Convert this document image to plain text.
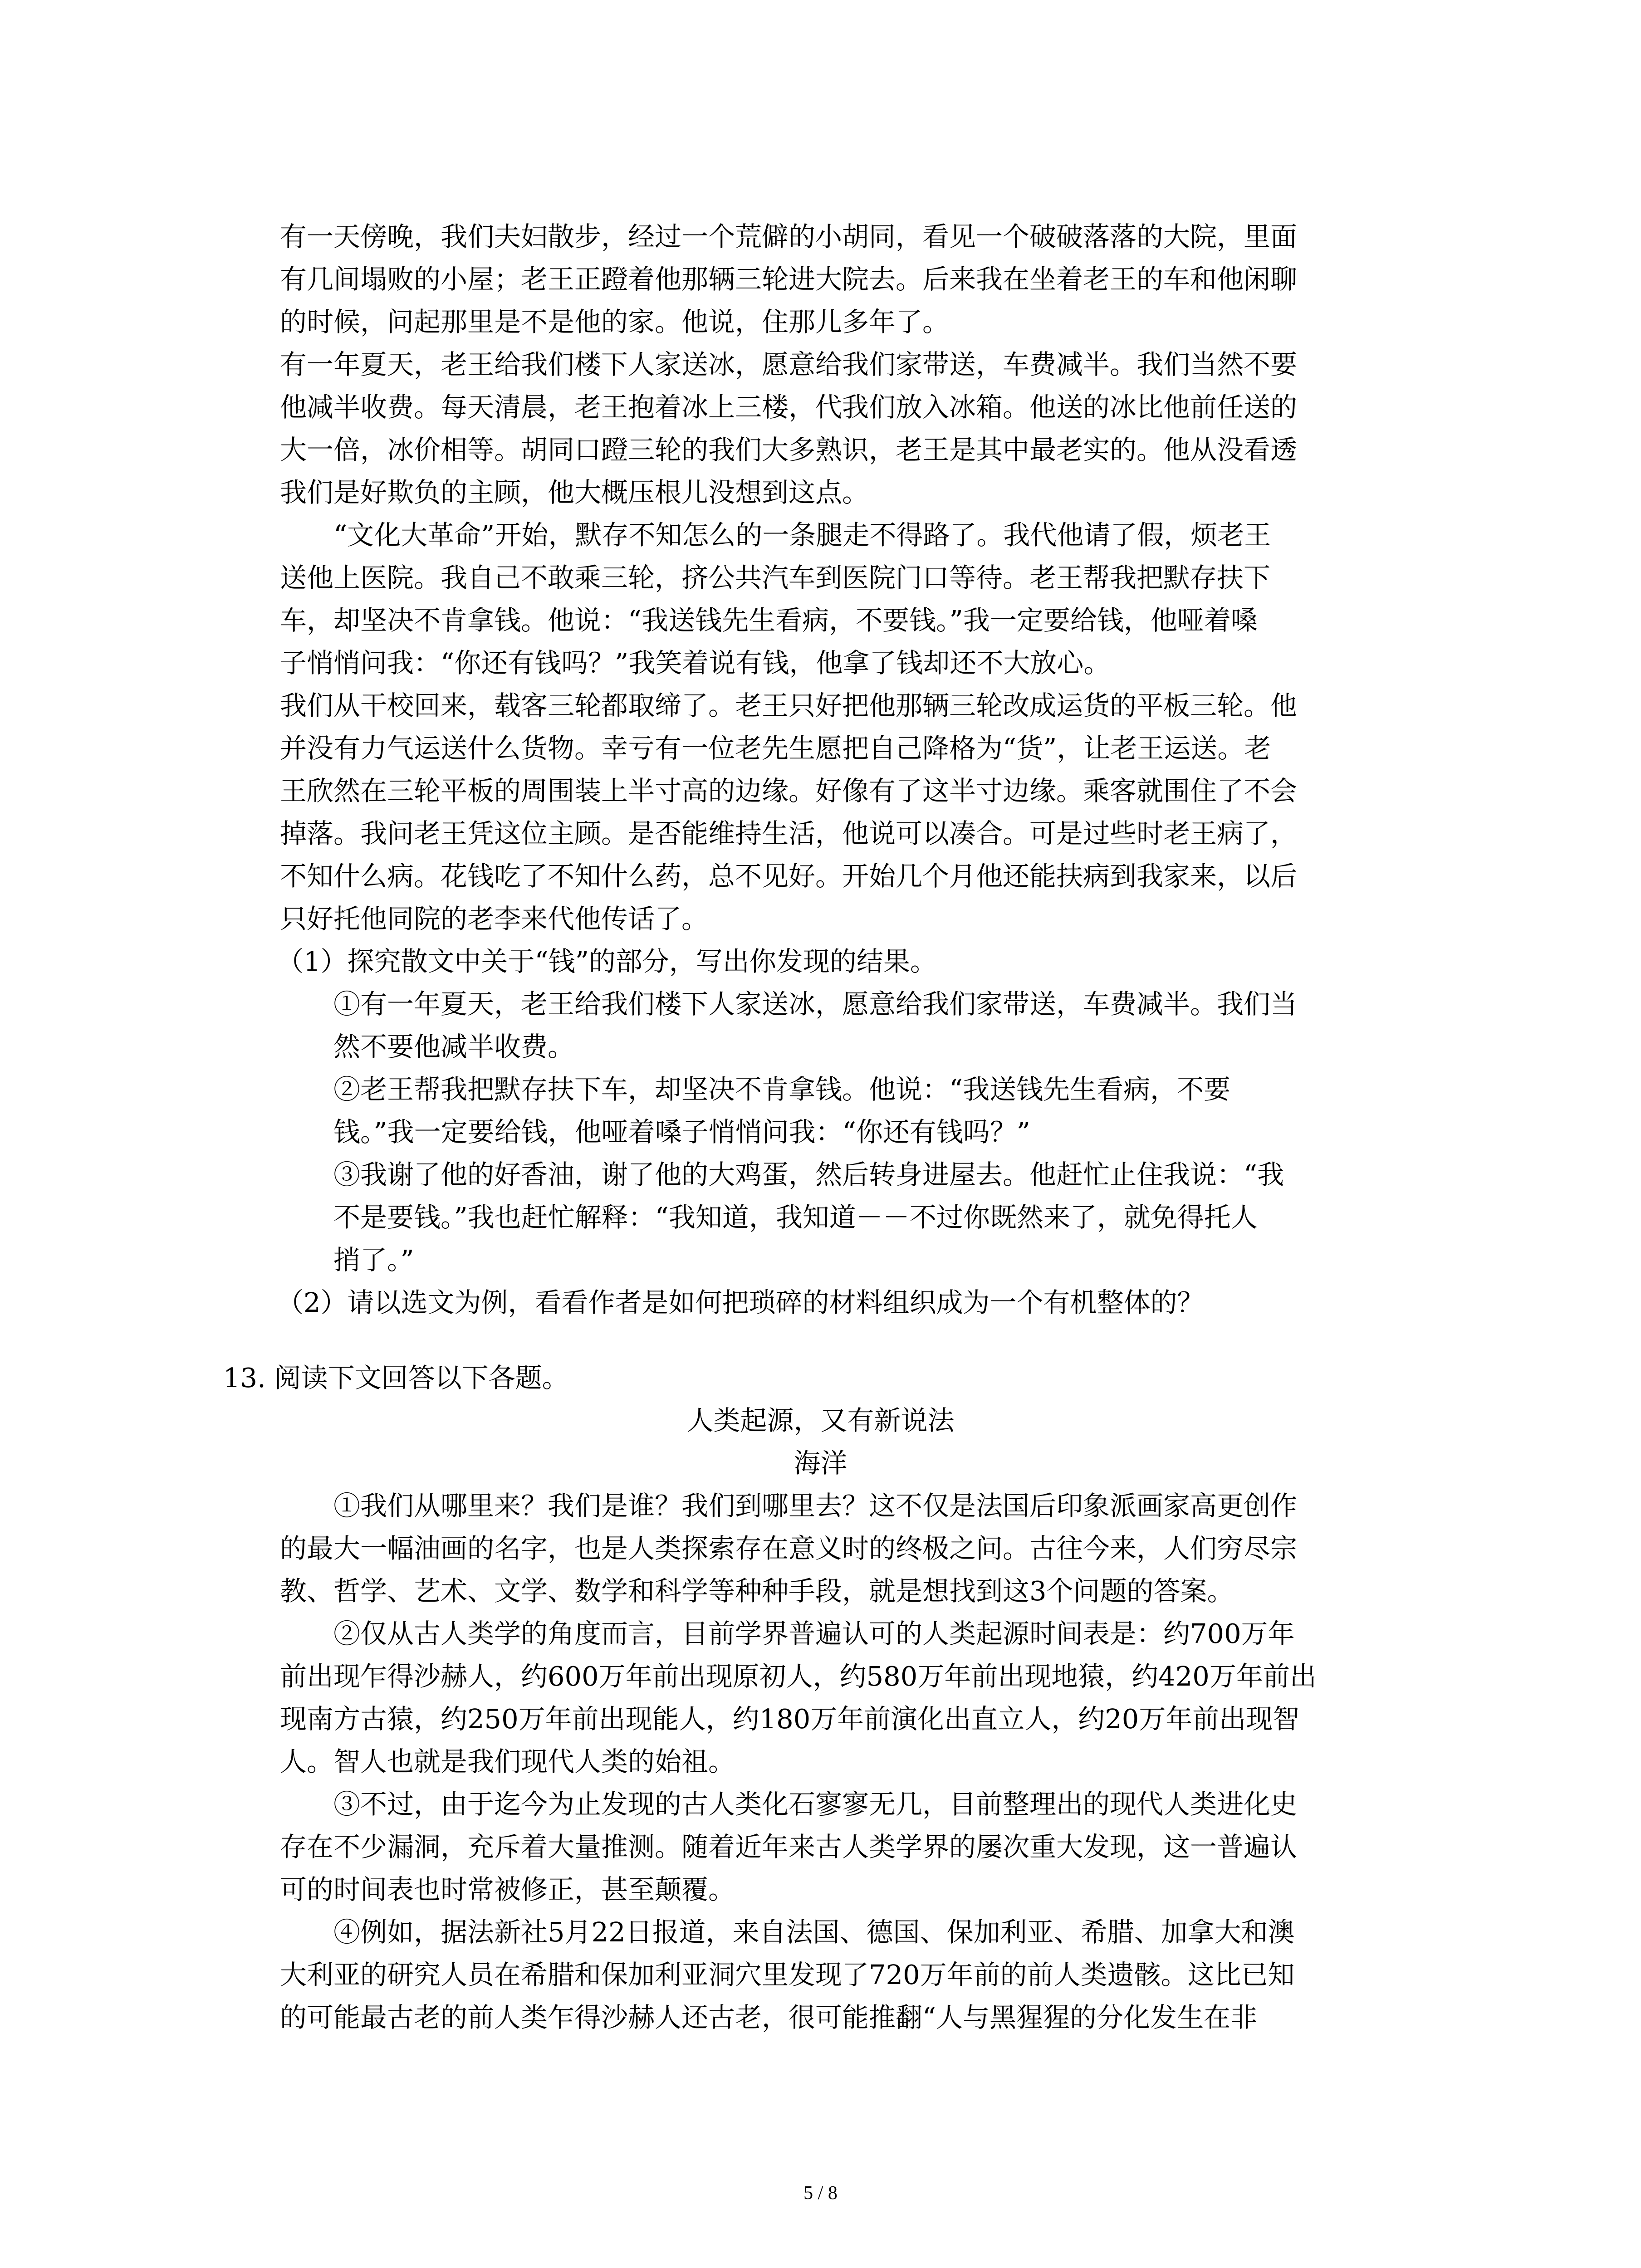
有一天傍晚，我们夫妇散步，经过一个荒僻的小胡同，看见一个破破落落的大院，里面
有几间塌败的小屋；老王正蹬着他那辆三轮进大院去。后来我在坐着老王的车和他闲聊
的时候，问起那里是不是他的家。他说，住那儿多年了。
有一年夏天，老王给我们楼下人家送冰，愿意给我们家带送，车费减半。我们当然不要
他减半收费。每天清晨，老王抱着冰上三楼，代我们放入冰箱。他送的冰比他前任送的
大一倍，冰价相等。胡同口蹬三轮的我们大多熟识，老王是其中最老实的。他从没看透
我们是好欺负的主顾，他大概压根儿没想到这点。
“文化大革命”开始，默存不知怎么的一条腿走不得路了。我代他请了假，烦老王
送他上医院。我自己不敢乘三轮，挤公共汽车到医院门口等待。老王帮我把默存扶下
车，却坚决不肯拿钱。他说：“我送钱先生看病，不要钱。”我一定要给钱，他哑着嗓
子悄悄问我：“你还有钱吗？”我笑着说有钱，他拿了钱却还不大放心。
我们从干校回来，载客三轮都取缔了。老王只好把他那辆三轮改成运货的平板三轮。他
并没有力气运送什么货物。幸亏有一位老先生愿把自己降格为“货”，让老王运送。老
王欣然在三轮平板的周围装上半寸高的边缘。好像有了这半寸边缘。乘客就围住了不会
掉落。我问老王凭这位主顾。是否能维持生活，他说可以凑合。可是过些时老王病了，
不知什么病。花钱吃了不知什么药，总不见好。开始几个月他还能扶病到我家来，以后
只好托他同院的老李来代他传话了。
（1）探究散文中关于“钱”的部分，写出你发现的结果。
①有一年夏天，老王给我们楼下人家送冰，愿意给我们家带送，车费减半。我们当
然不要他减半收费。
②老王帮我把默存扶下车，却坚决不肯拿钱。他说：“我送钱先生看病，不要
钱。”我一定要给钱，他哑着嗓子悄悄问我：“你还有钱吗？”
③我谢了他的好香油，谢了他的大鸡蛋，然后转身进屋去。他赶忙止住我说：“我
不是要钱。”我也赶忙解释：“我知道，我知道－－不过你既然来了，就免得托人
捎了。”
（2）请以选文为例，看看作者是如何把琐碎的材料组织成为一个有机整体的？
13. 阅读下文回答以下各题。
人类起源，又有新说法
海洋
①我们从哪里来？我们是谁？我们到哪里去？这不仅是法国后印象派画家高更创作
的最大一幅油画的名字，也是人类探索存在意义时的终极之问。古往今来，人们穷尽宗
教、哲学、艺术、文学、数学和科学等种种手段，就是想找到这3个问题的答案。
②仅从古人类学的角度而言，目前学界普遍认可的人类起源时间表是：约700万年
前出现乍得沙赫人，约600万年前出现原初人，约580万年前出现地猿，约420万年前出
现南方古猿，约250万年前出现能人，约180万年前演化出直立人，约20万年前出现智
人。智人也就是我们现代人类的始祖。
③不过，由于迄今为止发现的古人类化石寥寥无几，目前整理出的现代人类进化史
存在不少漏洞，充斥着大量推测。随着近年来古人类学界的屡次重大发现，这一普遍认
可的时间表也时常被修正，甚至颠覆。
④例如，据法新社5月22日报道，来自法国、德国、保加利亚、希腊、加拿大和澳
大利亚的研究人员在希腊和保加利亚洞穴里发现了720万年前的前人类遗骸。这比已知
的可能最古老的前人类乍得沙赫人还古老，很可能推翻“人与黑猩猩的分化发生在非
5 / 8
